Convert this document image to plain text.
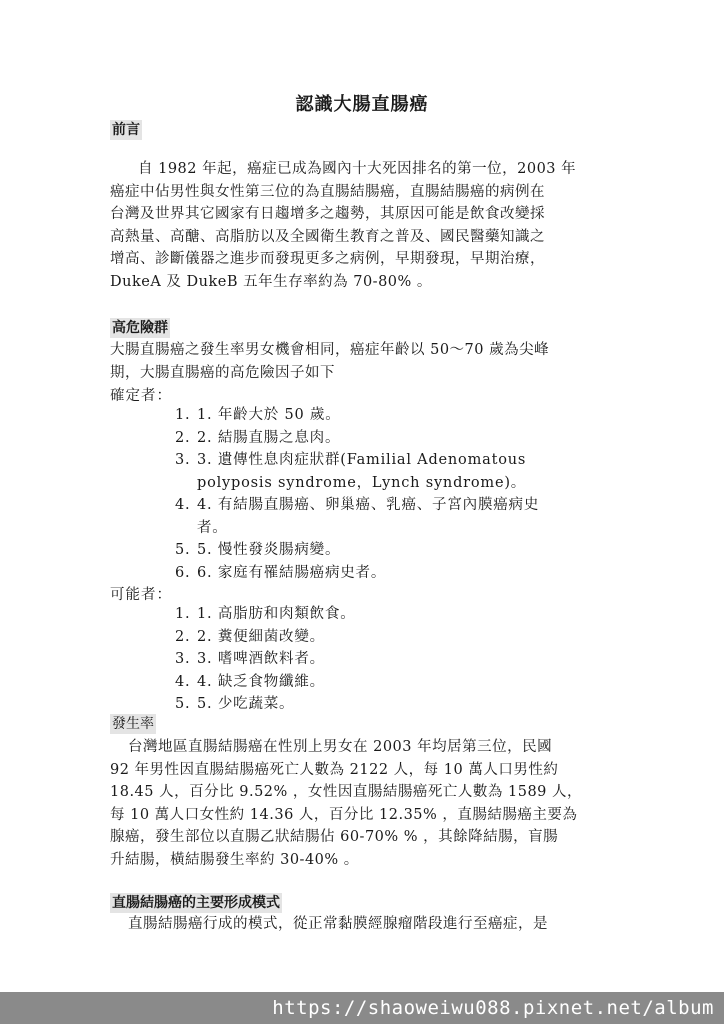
認識大腸直腸癌
前言

自 1982 年起，癌症已成為國內十大死因排名的第一位，2003 年

癌症中佔男性與女性第三位的為直腸結腸癌，直腸結腸癌的病例在

台灣及世界其它國家有日趨增多之趨勢，其原因可能是飲食改變採

高熱量、高醣、高脂肪以及全國衛生教育之普及、國民醫藥知識之

增高、診斷儀器之進步而發現更多之病例，早期發現，早期治療，

DukeA 及 DukeB 五年生存率約為 70-80% 。

高危險群

大腸直腸癌之發生率男女機會相同，癌症年齡以 50～70 歲為尖峰

期，大腸直腸癌的高危險因子如下

確定者：
1. 1. 年齡大於 50 歲。
2. 2. 結腸直腸之息肉。
3. 3. 遺傳性息肉症狀群(Familial Adenomatous
polyposis syndrome，Lynch syndrome)。
4. 4. 有結腸直腸癌、卵巢癌、乳癌、子宮內膜癌病史
者。
5. 5. 慢性發炎腸病變。
6. 6. 家庭有罹結腸癌病史者。
可能者：
1. 1. 高脂肪和肉類飲食。
2. 2. 糞便細菌改變。
3. 3. 嗜啤酒飲料者。
4. 4. 缺乏食物纖維。
5. 5. 少吃蔬菜。
發生率

台灣地區直腸結腸癌在性別上男女在 2003 年均居第三位，民國

92 年男性因直腸結腸癌死亡人數為 2122 人，每 10 萬人口男性約

18.45 人，百分比 9.52% ，女性因直腸結腸癌死亡人數為 1589 人，

每 10 萬人口女性約 14.36 人，百分比 12.35% ，直腸結腸癌主要為

腺癌，發生部位以直腸乙狀結腸佔 60-70% % ，其餘降結腸，盲腸

升結腸，橫結腸發生率約 30-40% 。

直腸結腸癌的主要形成模式

直腸結腸癌行成的模式，從正常黏膜經腺瘤階段進行至癌症，是

https://shaoweiwu088.pixnet.net/album
